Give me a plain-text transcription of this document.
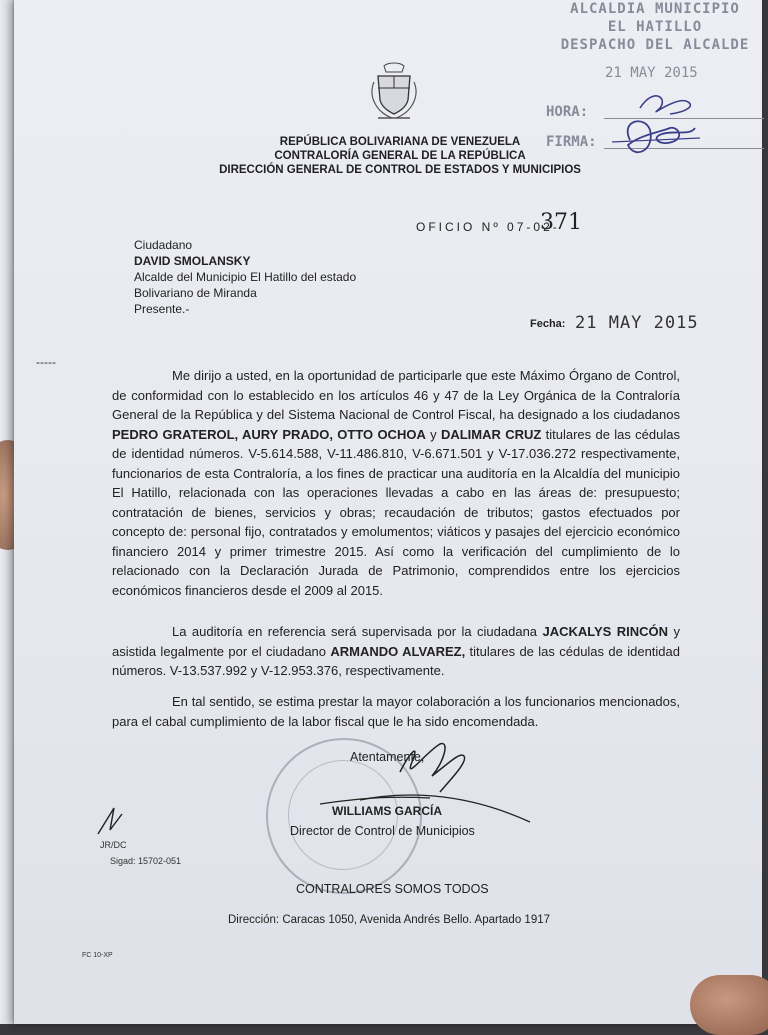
ALCALDIA MUNICIPIO
EL HATILLO
DESPACHO DEL ALCALDE
21 MAY 2015
HORA:
FIRMA:
REPÚBLICA BOLIVARIANA DE VENEZUELA
CONTRALORÍA GENERAL DE LA REPÚBLICA
DIRECCIÓN GENERAL DE CONTROL DE ESTADOS Y MUNICIPIOS
OFICIO Nº 07-02-
371
Ciudadano
DAVID SMOLANSKY
Alcalde del Municipio El Hatillo del estado
Bolivariano de Miranda
Presente.-
Fecha: 21 MAY 2015
-----
Me dirijo a usted, en la oportunidad de participarle que este Máximo Órgano de Control, de conformidad con lo establecido en los artículos 46 y 47 de la Ley Orgánica de la Contraloría General de la República y del Sistema Nacional de Control Fiscal, ha designado a los ciudadanos PEDRO GRATEROL, AURY PRADO, OTTO OCHOA y DALIMAR CRUZ titulares de las cédulas de identidad números. V-5.614.588, V-11.486.810, V-6.671.501 y V-17.036.272 respectivamente, funcionarios de esta Contraloría, a los fines de practicar una auditoría en la Alcaldía del municipio El Hatillo, relacionada con las operaciones llevadas a cabo en las áreas de: presupuesto; contratación de bienes, servicios y obras; recaudación de tributos; gastos efectuados por concepto de: personal fijo, contratados y emolumentos; viáticos y pasajes del ejercicio económico financiero 2014 y primer trimestre 2015. Así como la verificación del cumplimiento de lo relacionado con la Declaración Jurada de Patrimonio, comprendidos entre los ejercicios económicos financieros desde el 2009 al 2015.
La auditoría en referencia será supervisada por la ciudadana JACKALYS RINCÓN y asistida legalmente por el ciudadano ARMANDO ALVAREZ, titulares de las cédulas de identidad números. V-13.537.992 y V-12.953.376, respectivamente.
En tal sentido, se estima prestar la mayor colaboración a los funcionarios mencionados, para el cabal cumplimiento de la labor fiscal que le ha sido encomendada.
Atentamente,
WILLIAMS GARCÍA
Director de Control de Municipios
CONTRALORES SOMOS TODOS
JR/DC
Sigad: 15702-051
Dirección: Caracas 1050, Avenida Andrés Bello. Apartado 1917
FC 10-XP
